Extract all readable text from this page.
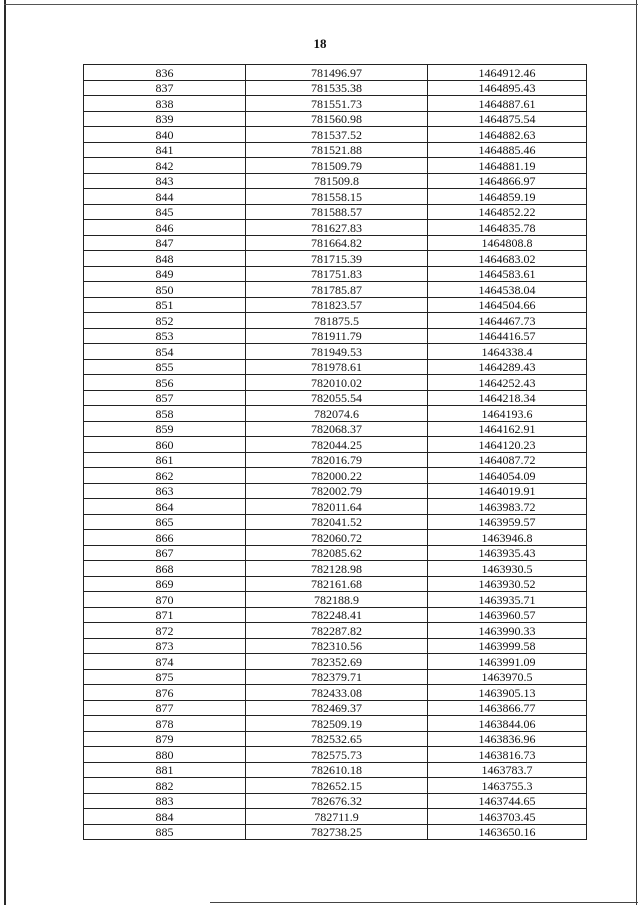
18
836	781496.97	1464912.46
837	781535.38	1464895.43
838	781551.73	1464887.61
839	781560.98	1464875.54
840	781537.52	1464882.63
841	781521.88	1464885.46
842	781509.79	1464881.19
843	781509.8	1464866.97
844	781558.15	1464859.19
845	781588.57	1464852.22
846	781627.83	1464835.78
847	781664.82	1464808.8
848	781715.39	1464683.02
849	781751.83	1464583.61
850	781785.87	1464538.04
851	781823.57	1464504.66
852	781875.5	1464467.73
853	781911.79	1464416.57
854	781949.53	1464338.4
855	781978.61	1464289.43
856	782010.02	1464252.43
857	782055.54	1464218.34
858	782074.6	1464193.6
859	782068.37	1464162.91
860	782044.25	1464120.23
861	782016.79	1464087.72
862	782000.22	1464054.09
863	782002.79	1464019.91
864	782011.64	1463983.72
865	782041.52	1463959.57
866	782060.72	1463946.8
867	782085.62	1463935.43
868	782128.98	1463930.5
869	782161.68	1463930.52
870	782188.9	1463935.71
871	782248.41	1463960.57
872	782287.82	1463990.33
873	782310.56	1463999.58
874	782352.69	1463991.09
875	782379.71	1463970.5
876	782433.08	1463905.13
877	782469.37	1463866.77
878	782509.19	1463844.06
879	782532.65	1463836.96
880	782575.73	1463816.73
881	782610.18	1463783.7
882	782652.15	1463755.3
883	782676.32	1463744.65
884	782711.9	1463703.45
885	782738.25	1463650.16
